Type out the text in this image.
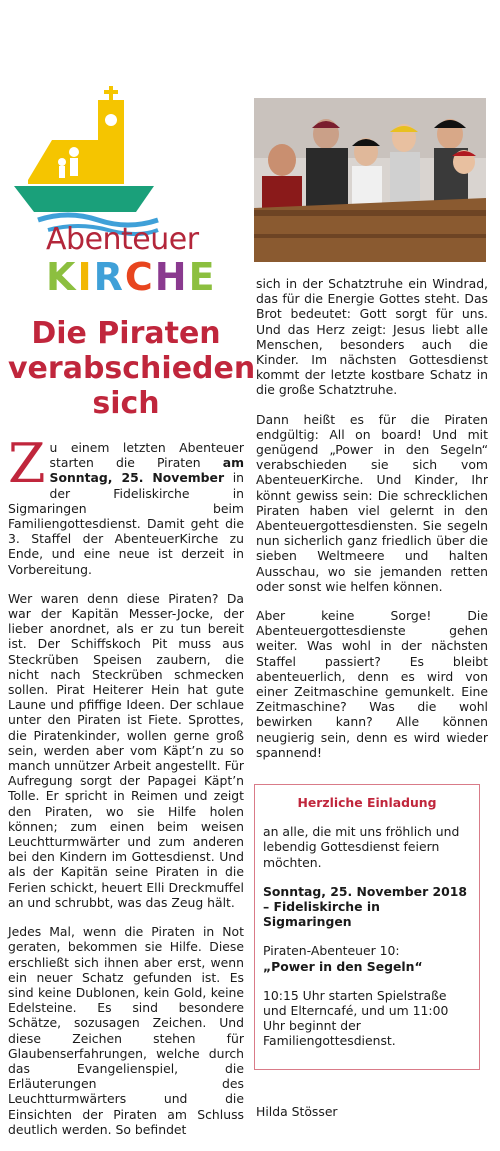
Abenteuer
KIRCHE
Die Piraten verabschieden sich

Zu einem letzten Abenteuer starten die Piraten am Sonntag, 25. November in der Fideliskirche in Sigmaringen beim Familiengottesdienst. Damit geht die 3. Staffel der AbenteuerKirche zu Ende, und eine neue ist derzeit in Vorbereitung.

Wer waren denn diese Piraten? Da war der Kapitän Messer-Jocke, der lieber anordnet, als er zu tun bereit ist. Der Schiffskoch Pit muss aus Steckrüben Speisen zaubern, die nicht nach Steckrüben schmecken sollen. Pirat Heiterer Hein hat gute Laune und pfiffige Ideen. Der schlaue unter den Piraten ist Fiete. Sprottes, die Piratenkinder, wollen gerne groß sein, werden aber vom Käpt’n zu so manch unnützer Arbeit angestellt. Für Aufregung sorgt der Papagei Käpt’n Tolle. Er spricht in Reimen und zeigt den Piraten, wo sie Hilfe holen können; zum einen beim weisen Leuchtturmwärter und zum anderen bei den Kindern im Gottesdienst. Und als der Kapitän seine Piraten in die Ferien schickt, heuert Elli Dreckmuffel an und schrubbt, was das Zeug hält.

Jedes Mal, wenn die Piraten in Not geraten, bekommen sie Hilfe. Diese erschließt sich ihnen aber erst, wenn ein neuer Schatz gefunden ist. Es sind keine Dublonen, kein Gold, keine Edelsteine. Es sind besondere Schätze, sozusagen Zeichen. Und diese Zeichen stehen für Glaubenserfahrungen, welche durch das Evangelienspiel, die Erläuterungen des Leuchtturmwärters und die Einsichten der Piraten am Schluss deutlich werden. So befindet

sich in der Schatztruhe ein Windrad, das für die Energie Gottes steht. Das Brot bedeutet: Gott sorgt für uns. Und das Herz zeigt: Jesus liebt alle Menschen, besonders auch die Kinder. Im nächsten Gottesdienst kommt der letzte kostbare Schatz in die große Schatztruhe.

Dann heißt es für die Piraten endgültig: All on board! Und mit genügend „Power in den Segeln“ verabschieden sie sich vom AbenteuerKirche. Und Kinder, Ihr könnt gewiss sein: Die schrecklichen Piraten haben viel gelernt in den Abenteuergottesdiensten. Sie segeln nun sicherlich ganz friedlich über die sieben Weltmeere und halten Ausschau, wo sie jemanden retten oder sonst wie helfen können.

Aber keine Sorge! Die Abenteuergottesdienste gehen weiter. Was wohl in der nächsten Staffel passiert? Es bleibt abenteuerlich, denn es wird von einer Zeitmaschine gemunkelt. Eine Zeitmaschine? Was die wohl bewirken kann? Alle können neugierig sein, denn es wird wieder spannend!

Herzliche Einladung

an alle, die mit uns fröhlich und lebendig Gottesdienst feiern möchten.

Sonntag, 25. November 2018
– Fideliskirche in Sigmaringen

Piraten-Abenteuer 10:
„Power in den Segeln“

10:15 Uhr starten Spielstraße und Elterncafé, und um 11:00 Uhr beginnt der Familiengottesdienst.

Hilda Stösser
